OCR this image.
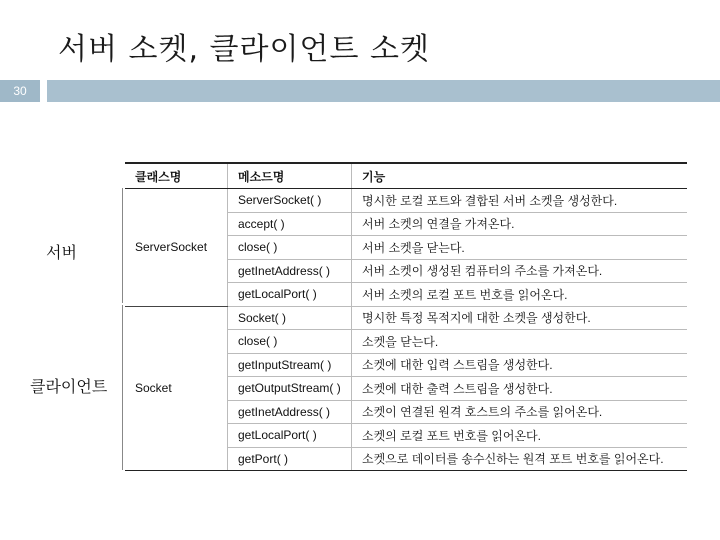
서버 소켓, 클라이언트 소켓
30
서버
클라이언트
클래스명	메소드명	기능
ServerSocket	ServerSocket( )	명시한 로컬 포트와 결합된 서버 소켓을 생성한다.
	accept( )	서버 소켓의 연결을 가져온다.
	close( )	서버 소켓을 닫는다.
	getInetAddress( )	서버 소켓이 생성된 컴퓨터의 주소를 가져온다.
	getLocalPort( )	서버 소켓의 로컬 포트 번호를 읽어온다.
Socket	Socket( )	명시한 특정 목적지에 대한 소켓을 생성한다.
	close( )	소켓을 닫는다.
	getInputStream( )	소켓에 대한 입력 스트림을 생성한다.
	getOutputStream( )	소켓에 대한 출력 스트림을 생성한다.
	getInetAddress( )	소켓이 연결된 원격 호스트의 주소를 읽어온다.
	getLocalPort( )	소켓의 로컬 포트 번호를 읽어온다.
	getPort( )	소켓으로 데이터를 송수신하는 원격 포트 번호를 읽어온다.
